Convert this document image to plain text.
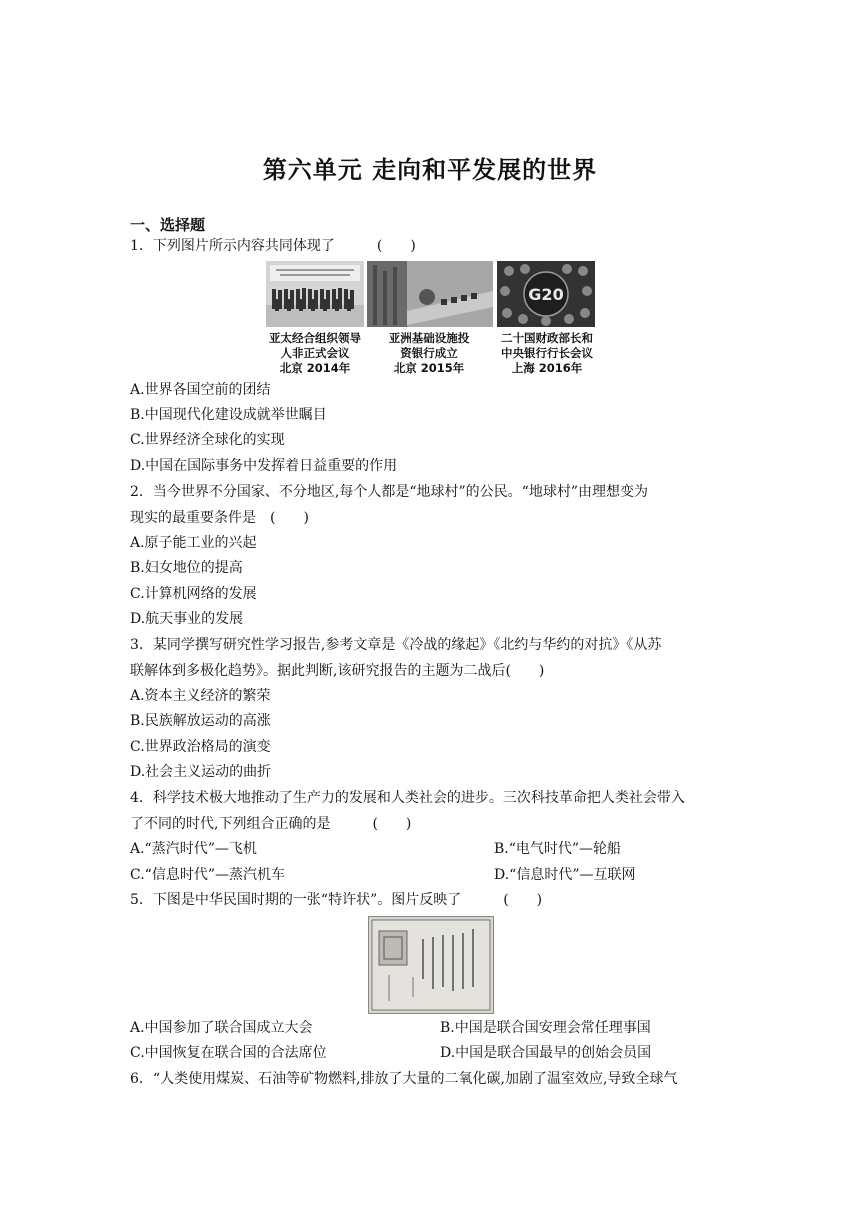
第六单元 走向和平发展的世界
一、选择题
1．下列图片所示内容共同体现了　　　(　　)
G20
亚太经合组织领导
人非正式会议
北京 2014年
亚洲基础设施投
资银行成立
北京 2015年
二十国财政部长和
中央银行行长会议
上海 2016年
A.世界各国空前的团结
B.中国现代化建设成就举世瞩目
C.世界经济全球化的实现
D.中国在国际事务中发挥着日益重要的作用
2．当今世界不分国家、不分地区,每个人都是“地球村”的公民。“地球村”由理想变为
现实的最重要条件是　(　　)
A.原子能工业的兴起
B.妇女地位的提高
C.计算机网络的发展
D.航天事业的发展
3．某同学撰写研究性学习报告,参考文章是《冷战的缘起》《北约与华约的对抗》《从苏
联解体到多极化趋势》。据此判断,该研究报告的主题为二战后(　　)
A.资本主义经济的繁荣
B.民族解放运动的高涨
C.世界政治格局的演变
D.社会主义运动的曲折
4．科学技术极大地推动了生产力的发展和人类社会的进步。三次科技革命把人类社会带入
了不同的时代,下列组合正确的是　　　(　　)
A.“蒸汽时代”—飞机	B.“电气时代”—轮船
C.“信息时代”—蒸汽机车	D.“信息时代”—互联网
5．下图是中华民国时期的一张“特许状”。图片反映了　　　(　　)
A.中国参加了联合国成立大会	B.中国是联合国安理会常任理事国
C.中国恢复在联合国的合法席位	D.中国是联合国最早的创始会员国
6．“人类使用煤炭、石油等矿物燃料,排放了大量的二氧化碳,加剧了温室效应,导致全球气
